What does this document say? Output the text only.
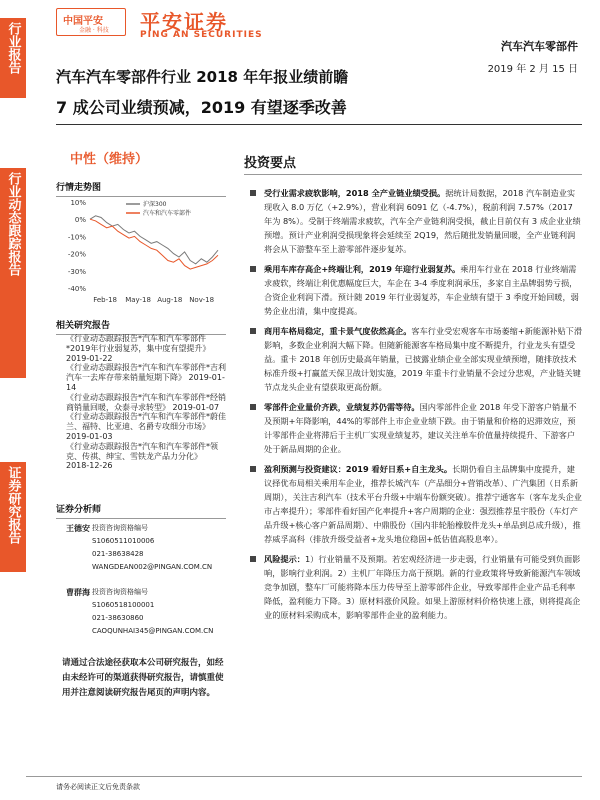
行业报告
行业动态跟踪报告
证券研究报告
中国平安
金融 · 科技 平安证券
PING AN SECURITIES
汽车汽车零部件
2019 年 2 月 15 日
汽车汽车零部件行业 2018 年年报业绩前瞻
7 成公司业绩预减，2019 有望逐季改善
中性（维持）
行情走势图
10%
0%
-10%
-20%
-30%
-40%
Feb-18 May-18 Aug-18 Nov-18
沪深300
汽车和汽车零部件
相关研究报告
《行业动态跟踪报告*汽车和汽车零部件*2019年行业弱复苏，集中度有望提升》 2019-01-22
《行业动态跟踪报告*汽车和汽车零部件*吉利汽车一去库存带来销量短期下降》 2019-01-14
《行业动态跟踪报告*汽车和汽车零部件*经销商销量回暖，众泰寻求转型》 2019-01-07
《行业动态跟踪报告*汽车和汽车零部件*蔚佳兰、福特、比亚迪、名爵专攻细分市场》 2019-01-03
《行业动态跟踪报告*汽车和汽车零部件*领克、传祺、绅宝、雪铁龙产品力分化》 2018-12-26
证券分析师
王德安 投资咨询资格编号
S1060511010006
021-38638428
WANGDEAN002@PINGAN.COM.CN
曹群海 投资咨询资格编号
S1060518100001
021-38630860
CAOQUNHAI345@PINGAN.COM.CN
请通过合法途径获取本公司研究报告，如经由未经许可的渠道获得研究报告，请慎重使用并注意阅读研究报告尾页的声明内容。
投资要点
受行业需求疲软影响，2018 全产业链业绩受损。据统计局数据，2018 汽车制造业实现收入 8.0 万亿（+2.9%），营业利润 6091 亿（-4.7%），税前利润 7.57%（2017 年为 8%）。受制于终端需求疲软，汽车全产业链利润受损，截止目前仅有 3 成企业业绩预增。预计产业利润受损现象将会延续至 2Q19，然后随批发销量回暖，全产业链利润将会从下游整车至上游零部件逐步复苏。
乘用车库存高企+终端让利，2019 年迎行业弱复苏。乘用车行业在 2018 行业终端需求疲软，终端让利优惠幅度巨大，车企在 3-4 季度利润承压，多家自主品牌弱势亏损，合资企业利润下滑。预计随 2019 年行业弱复苏，车企业绩有望于 3 季度开始回暖，弱势企业出清，集中度提高。
商用车格局稳定，重卡景气度依然高企。客车行业受宏观客车市场萎缩+新能源补贴下滑影响，多数企业利润大幅下降。但随新能源客车格局集中度不断提升，行业龙头有望受益。重卡 2018 年创历史最高年销量，已披露业绩企业全部实现业绩预增，随排放技术标准升级+打赢蓝天保卫战计划实施，2019 年重卡行业销量不会过分悲观，产业链关键节点龙头企业有望获取更高份额。
零部件企业量价齐跌，业绩复苏仍需等待。国内零部件企业 2018 年受下游客户销量不及预期+年降影响，44%的零部件上市企业业绩下跌。由于销量和价格的迟滞效应，预计零部件企业将滞后于主机厂实现业绩复苏，建议关注单车价值量持续提升、下游客户处于新品周期的企业。
盈利预测与投资建议：2019 看好日系+自主龙头。长期仍看自主品牌集中度提升，建议择优布局相关乘用车企业，推荐长城汽车（产品细分+营销改革）、广汽集团（日系新周期），关注吉利汽车（技术平台升级+中端车份额突破）。推荐宁通客车（客车龙头企业市占率提升）；零部件看好国产化率提升+客户周期的企业：强烈推荐星宇股份（车灯产品升级+核心客户新品周期）、中鼎股份（国内非轮胎橡胶件龙头+单品到总成升级），推荐威孚高科（排放升级受益者+龙头地位稳固+低估值高股息率）。
风险提示：1）行业销量不及预期。若宏观经济进一步走弱，行业销量有可能受到负面影响，影响行业利润。2）主机厂年降压力高于预期。新的行业政策将导致新能源汽车领域竞争加剧，整车厂可能将降本压力传导至上游零部件企业，导致零部件企业产品毛利率降低，盈利能力下降。3）原材料涨价风险。如果上游原材料价格快速上涨，则将提高企业的原材料采购成本，影响零部件企业的盈利能力。
请务必阅读正文后免责条款
